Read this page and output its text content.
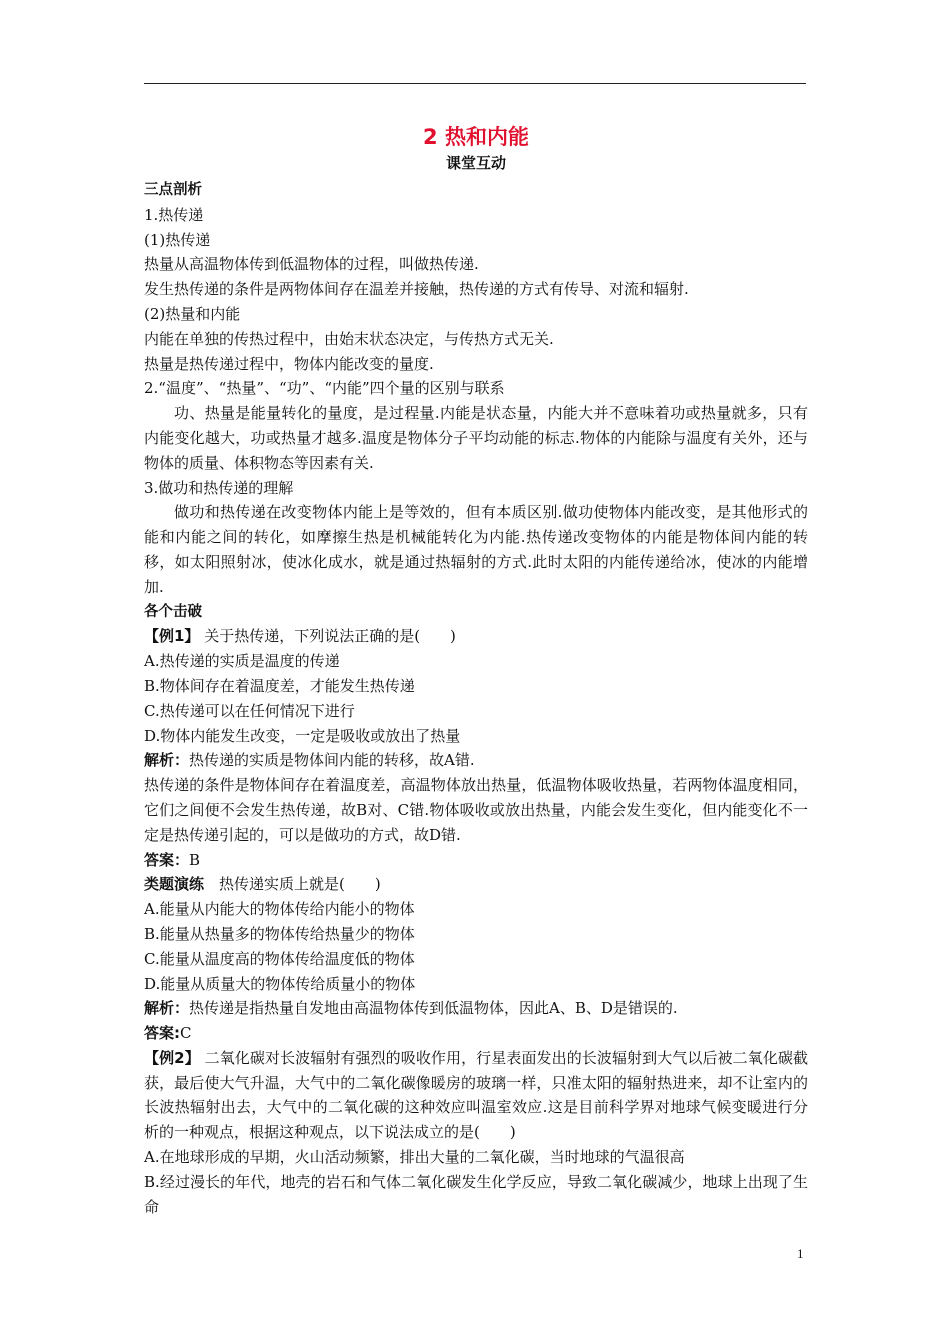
2 热和内能

课堂互动

三点剖析

1.热传递

(1)热传递

热量从高温物体传到低温物体的过程，叫做热传递.

发生热传递的条件是两物体间存在温差并接触，热传递的方式有传导、对流和辐射.

(2)热量和内能

内能在单独的传热过程中，由始末状态决定，与传热方式无关.

热量是热传递过程中，物体内能改变的量度.

2.“温度”、“热量”、“功”、“内能”四个量的区别与联系

功、热量是能量转化的量度，是过程量.内能是状态量，内能大并不意味着功或热量就多，只有内能变化越大，功或热量才越多.温度是物体分子平均动能的标志.物体的内能除与温度有关外，还与物体的质量、体积物态等因素有关.

3.做功和热传递的理解

做功和热传递在改变物体内能上是等效的，但有本质区别.做功使物体内能改变，是其他形式的能和内能之间的转化，如摩擦生热是机械能转化为内能.热传递改变物体的内能是物体间内能的转移，如太阳照射冰，使冰化成水，就是通过热辐射的方式.此时太阳的内能传递给冰，使冰的内能增加.

各个击破

【例1】 关于热传递，下列说法正确的是(　　)

A.热传递的实质是温度的传递

B.物体间存在着温度差，才能发生热传递

C.热传递可以在任何情况下进行

D.物体内能发生改变，一定是吸收或放出了热量

解析：热传递的实质是物体间内能的转移，故A错.

热传递的条件是物体间存在着温度差，高温物体放出热量，低温物体吸收热量，若两物体温度相同，它们之间便不会发生热传递，故B对、C错.物体吸收或放出热量，内能会发生变化，但内能变化不一定是热传递引起的，可以是做功的方式，故D错.

答案：B

类题演练　热传递实质上就是(　　)

A.能量从内能大的物体传给内能小的物体

B.能量从热量多的物体传给热量少的物体

C.能量从温度高的物体传给温度低的物体

D.能量从质量大的物体传给质量小的物体

解析：热传递是指热量自发地由高温物体传到低温物体，因此A、B、D是错误的.

答案:C

【例2】 二氧化碳对长波辐射有强烈的吸收作用，行星表面发出的长波辐射到大气以后被二氧化碳截获，最后使大气升温，大气中的二氧化碳像暖房的玻璃一样，只准太阳的辐射热进来，却不让室内的长波热辐射出去，大气中的二氧化碳的这种效应叫温室效应.这是目前科学界对地球气候变暖进行分析的一种观点，根据这种观点，以下说法成立的是(　　)

A.在地球形成的早期，火山活动频繁，排出大量的二氧化碳，当时地球的气温很高

B.经过漫长的年代，地壳的岩石和气体二氧化碳发生化学反应，导致二氧化碳减少，地球上出现了生命

1
